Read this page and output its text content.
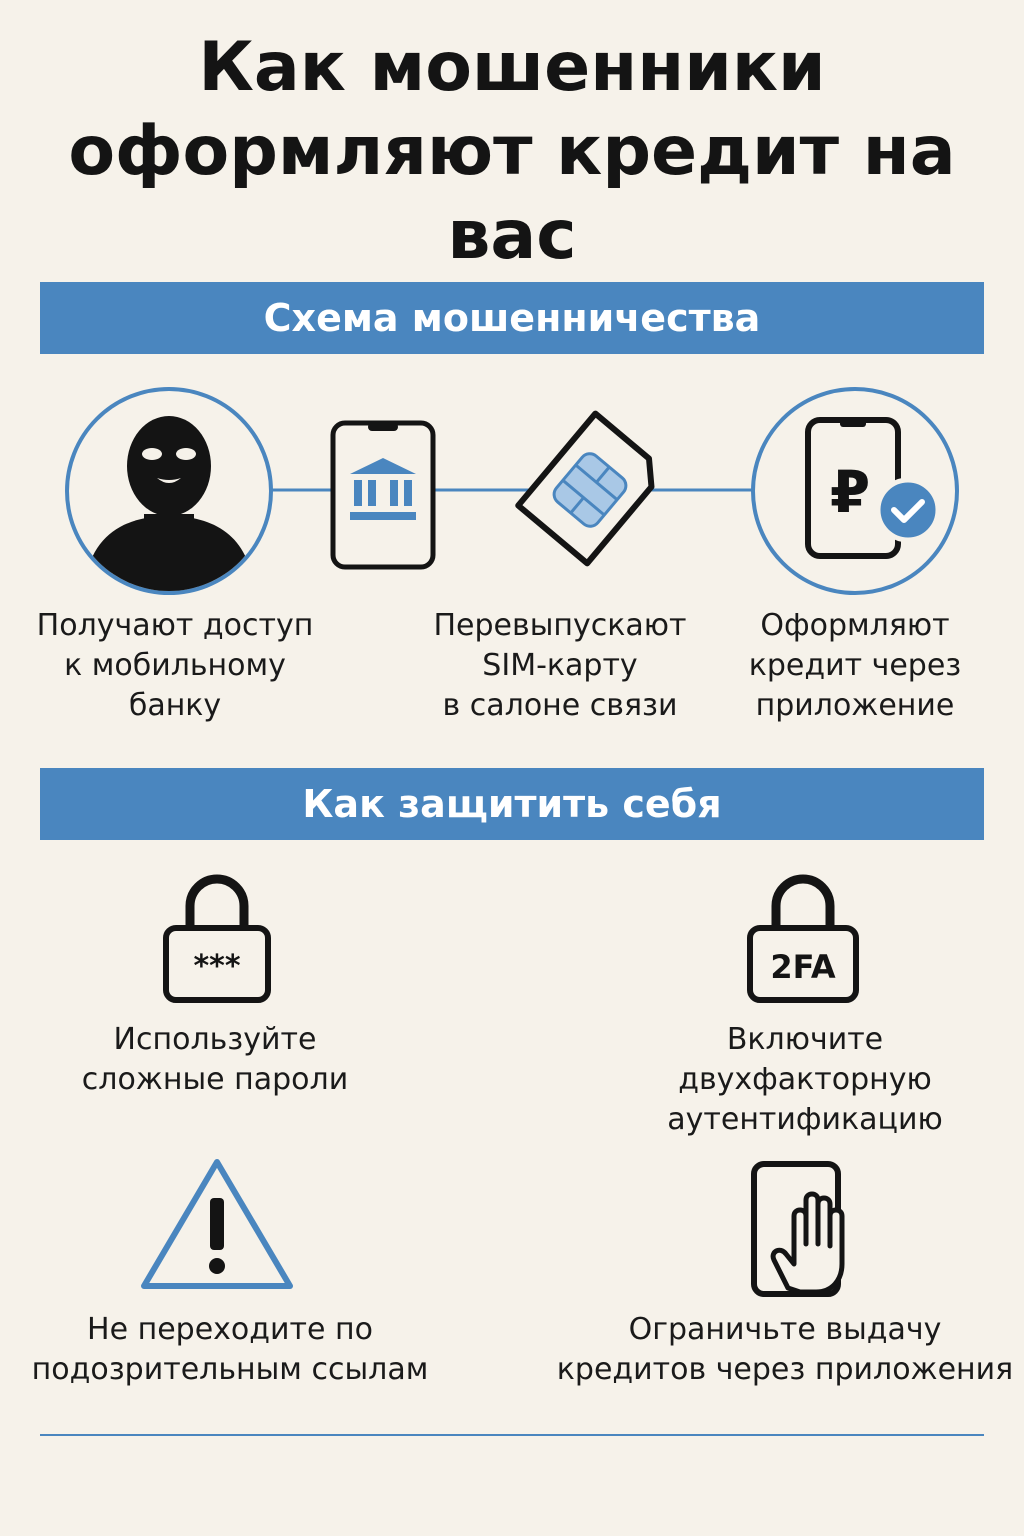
Как мошенники
оформляют кредит на
вас
Схема мошенничества
₽
Получают доступ
к мобильному
банку
Перевыпускают
SIM-карту
в салоне связи
Оформляют
кредит через
приложение
Как защитить себя
***
Используйте
сложные пароли
2FA
Включите
двухфакторную
аутентификацию
Не переходите по
подозрительным ссылам
Ограничьте выдачу
кредитов через приложения
